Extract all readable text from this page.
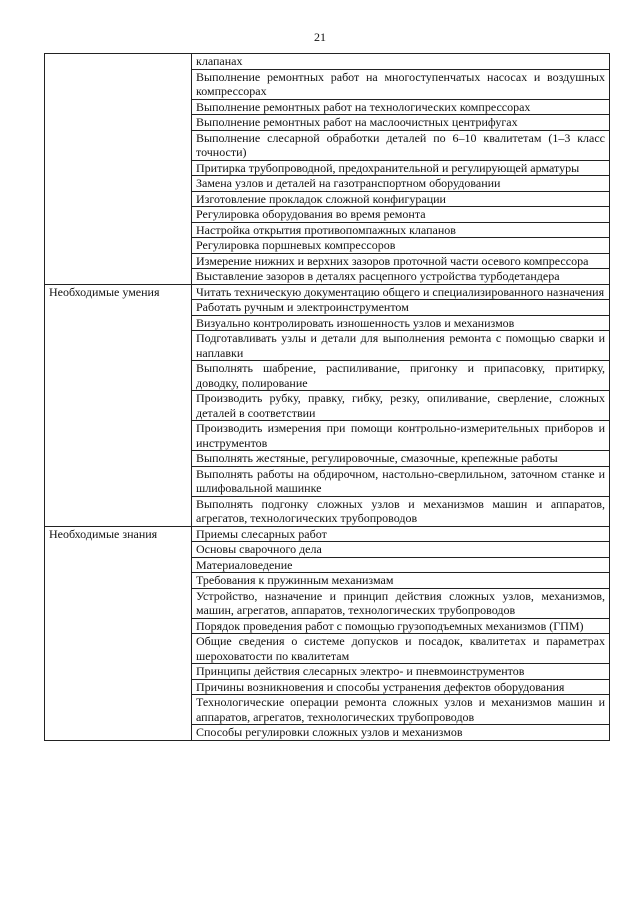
21
	клапанах
	Выполнение ремонтных работ на многоступенчатых насосах и воздушных компрессорах
	Выполнение ремонтных работ на технологических компрессорах
	Выполнение ремонтных работ на маслоочистных центрифугах
	Выполнение слесарной обработки деталей по 6–10 квалитетам (1–3 класс точности)
	Притирка трубопроводной, предохранительной и регулирующей арматуры
	Замена узлов и деталей на газотранспортном оборудовании
	Изготовление прокладок сложной конфигурации
	Регулировка оборудования во время ремонта
	Настройка открытия противопомпажных клапанов
	Регулировка поршневых компрессоров
	Измерение нижних и верхних зазоров проточной части осевого компрессора
	Выставление зазоров в деталях расцепного устройства турбодетандера
Необходимые умения	Читать техническую документацию общего и специализированного назначения
	Работать ручным и электроинструментом
	Визуально контролировать изношенность узлов и механизмов
	Подготавливать узлы и детали для выполнения ремонта с помощью сварки и наплавки
	Выполнять шабрение, распиливание, пригонку и припасовку, притирку, доводку, полирование
	Производить рубку, правку, гибку, резку, опиливание, сверление, сложных деталей в соответствии
	Производить измерения при помощи контрольно-измерительных приборов и инструментов
	Выполнять жестяные, регулировочные, смазочные, крепежные работы
	Выполнять работы на обдирочном, настольно-сверлильном, заточном станке и шлифовальной машинке
	Выполнять подгонку сложных узлов и механизмов машин и аппаратов, агрегатов, технологических трубопроводов
Необходимые знания	Приемы слесарных работ
	Основы сварочного дела
	Материаловедение
	Требования к пружинным механизмам
	Устройство, назначение и принцип действия сложных узлов, механизмов, машин, агрегатов, аппаратов, технологических трубопроводов
	Порядок проведения работ с помощью грузоподъемных механизмов (ГПМ)
	Общие сведения о системе допусков и посадок, квалитетах и параметрах шероховатости по квалитетам
	Принципы действия слесарных электро- и пневмоинструментов
	Причины возникновения и способы устранения дефектов оборудования
	Технологические операции ремонта сложных узлов и механизмов машин и аппаратов, агрегатов, технологических трубопроводов
	Способы регулировки сложных узлов и механизмов
